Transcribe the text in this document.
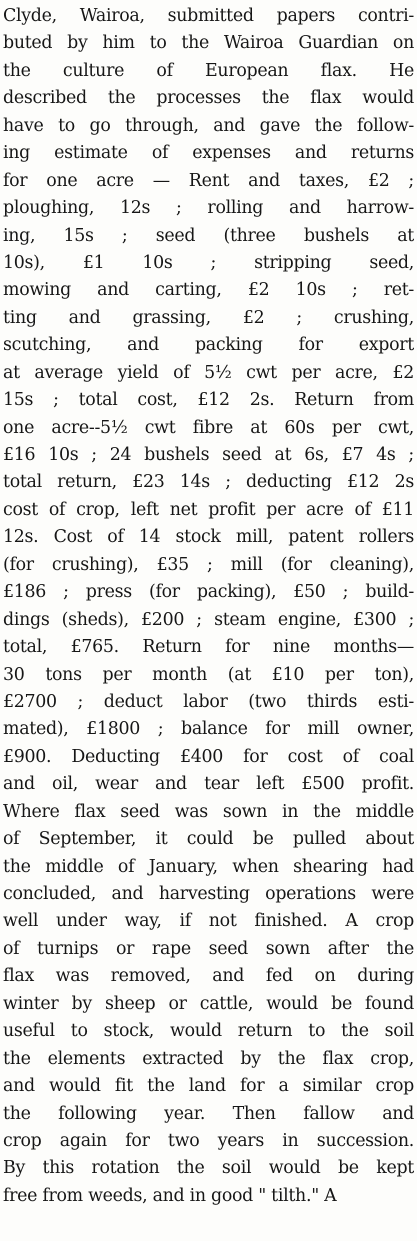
Clyde, Wairoa, submitted papers contri-
buted by him to the Wairoa Guardian on
the culture of European flax. He
described the processes the flax would
have to go through, and gave the follow-
ing estimate of expenses and returns
for one acre — Rent and taxes, £2 ;
ploughing, 12s ; rolling and harrow-
ing, 15s ; seed (three bushels at
10s), £1 10s ; stripping seed,
mowing and carting, £2 10s ; ret-
ting and grassing, £2 ; crushing,
scutching, and packing for export
at average yield of 5½ cwt per acre, £2
15s ; total cost, £12 2s. Return from
one acre--5½ cwt fibre at 60s per cwt,
£16 10s ; 24 bushels seed at 6s, £7 4s ;
total return, £23 14s ; deducting £12 2s
cost of crop, left net profit per acre of £11
12s. Cost of 14 stock mill, patent rollers
(for crushing), £35 ; mill (for cleaning),
£186 ; press (for packing), £50 ; build-
dings (sheds), £200 ; steam engine, £300 ;
total, £765. Return for nine months—
30 tons per month (at £10 per ton),
£2700 ; deduct labor (two thirds esti-
mated), £1800 ; balance for mill owner,
£900. Deducting £400 for cost of coal
and oil, wear and tear left £500 profit.
Where flax seed was sown in the middle
of September, it could be pulled about
the middle of January, when shearing had
concluded, and harvesting operations were
well under way, if not finished. A crop
of turnips or rape seed sown after the
flax was removed, and fed on during
winter by sheep or cattle, would be found
useful to stock, would return to the soil
the elements extracted by the flax crop,
and would fit the land for a similar crop
the following year. Then fallow and
crop again for two years in succession.
By this rotation the soil would be kept
free from weeds, and in good " tilth." A
